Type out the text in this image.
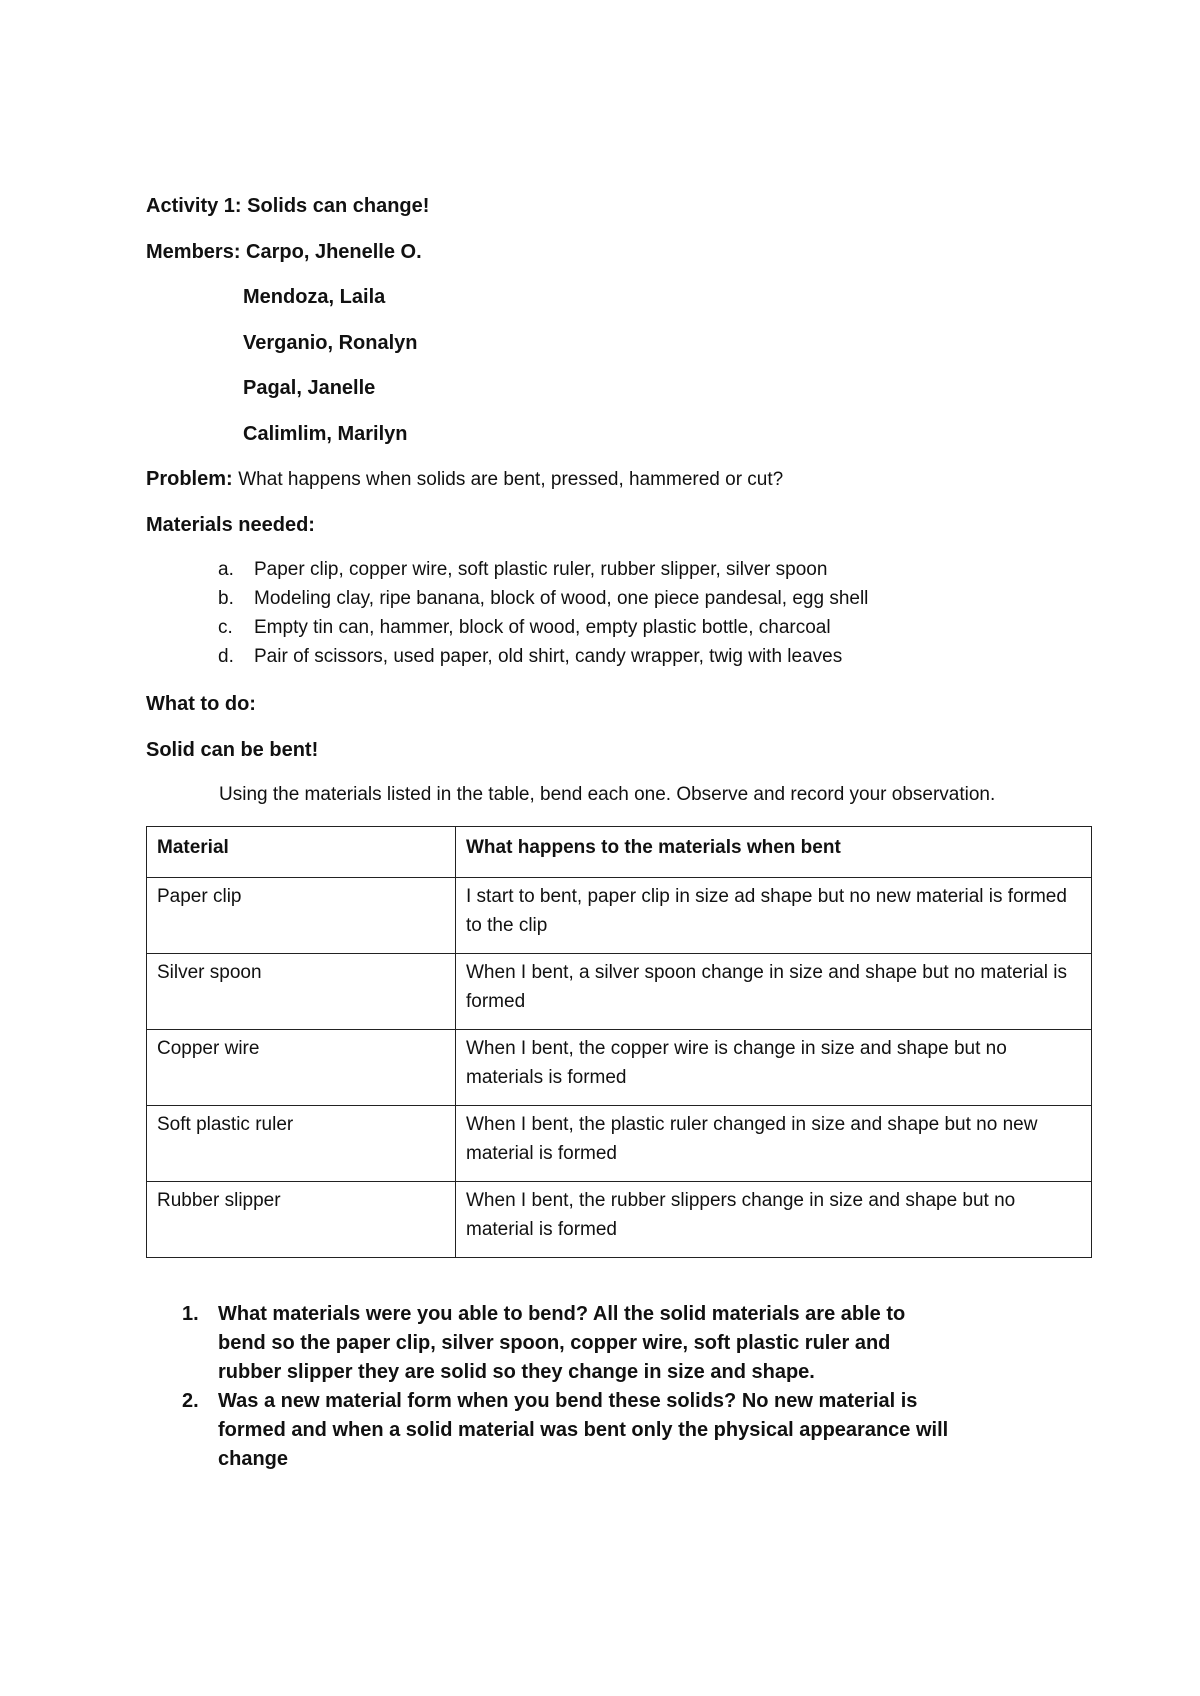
Activity 1: Solids can change!
Members: Carpo, Jhenelle O.
Mendoza, Laila
Verganio, Ronalyn
Pagal, Janelle
Calimlim, Marilyn
Problem: What happens when solids are bent, pressed, hammered or cut?
Materials needed:
a. Paper clip, copper wire, soft plastic ruler, rubber slipper, silver spoon
b. Modeling clay, ripe banana, block of wood, one piece pandesal, egg shell
c. Empty tin can, hammer, block of wood, empty plastic bottle, charcoal
d. Pair of scissors, used paper, old shirt, candy wrapper, twig with leaves
What to do:
Solid can be bent!
Using the materials listed in the table, bend each one. Observe and record your observation.
Material	What happens to the materials when bent
Paper clip	I start to bent, paper clip in size ad shape but no new material is formed to the clip
Silver spoon	When I bent, a silver spoon change in size and shape but no material is formed
Copper wire	When I bent, the copper wire is change in size and shape but no materials is formed
Soft plastic ruler	When I bent, the plastic ruler changed in size and shape but no new material is formed
Rubber slipper	When I bent, the rubber slippers change in size and shape but no material is formed
1. What materials were you able to bend? All the solid materials are able to bend so the paper clip, silver spoon, copper wire, soft plastic ruler and rubber slipper they are solid so they change in size and shape.
2. Was a new material form when you bend these solids? No new material is formed and when a solid material was bent only the physical appearance will change
